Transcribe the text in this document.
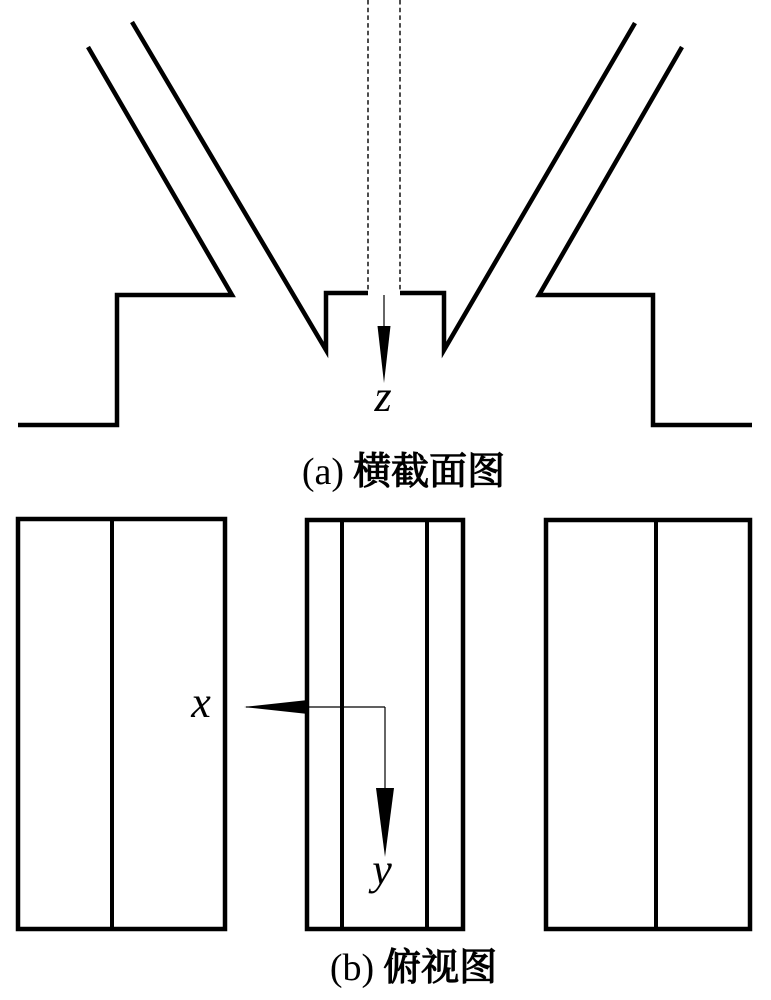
z
x
y
(a) 横截面图
(b) 俯视图
